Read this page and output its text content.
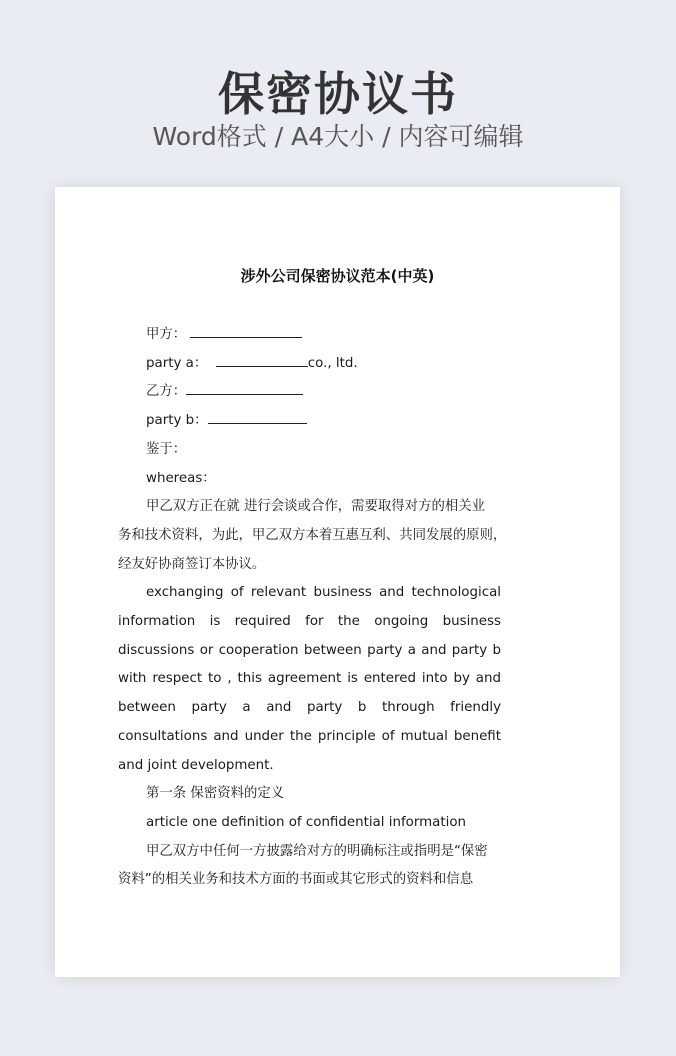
保密协议书
Word格式 / A4大小 / 内容可编辑
涉外公司保密协议范本(中英)
甲方：
party a：	co., ltd.
乙方：
party b：
鉴于：
whereas：
甲乙双方正在就 进行会谈或合作，需要取得对方的相关业
务和技术资料，为此，甲乙双方本着互惠互利、共同发展的原则，
经友好协商签订本协议。
exchanging of relevant business and technological
information is required for the ongoing business
discussions or cooperation between party a and party b
with respect to , this agreement is entered into by and
between party a and party b through friendly
consultations and under the principle of mutual benefit
and joint development.
第一条 保密资料的定义
article one definition of confidential information
甲乙双方中任何一方披露给对方的明确标注或指明是“保密
资料”的相关业务和技术方面的书面或其它形式的资料和信息
